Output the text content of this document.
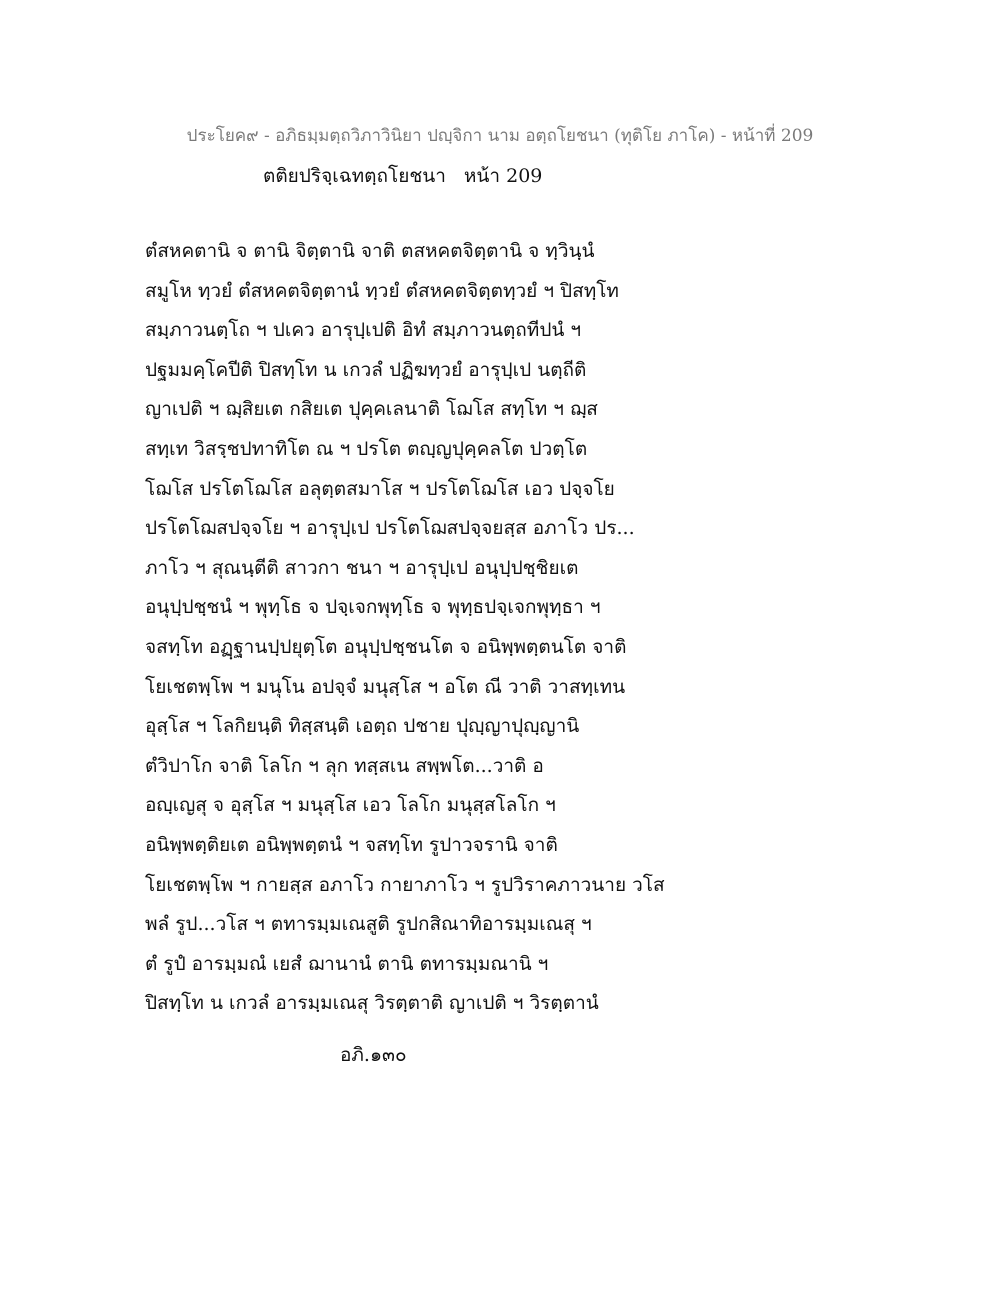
ประโยค๙ - อภิธมฺมตฺถวิภาวินิยา ปญฺจิกา นาม อตฺถโยชนา (ทุติโย ภาโค) - หน้าที่ 209
ตติยปริจฺเฉทตฺถโยชนา หน้า 209
ตํสหคตานิ จ ตานิ จิตฺตานิ จาติ ตสหคตจิตฺตานิ จ ทฺวินฺนํ
สมูโห ทฺวยํ ตํสหคตจิตฺตานํ ทฺวยํ ตํสหคตจิตฺตทฺวยํ ฯ ปิสทฺโท
สมฺภาวนตฺโถ ฯ ปเคว อารุปฺเปติ อิทํ สมฺภาวนตฺถทีปนํ ฯ
ปฐมมคฺโคปีติ ปิสทฺโท น เกวลํ ปฏิฆทฺวยํ อารุปฺเป นตฺถีติ
ญาเปติ ฯ ฌฺสิยเต กสิยเต ปุคฺคเลนาติ โฌโส สทฺโท ฯ ฌฺส
สทฺเท วิสรฺชปทาทิโต ณ ฯ ปรโต ตญฺญปุคฺคลโต ปวตฺโต
โฌโส ปรโตโฌโส อลุตฺตสมาโส ฯ ปรโตโฌโส เอว ปจฺจโย
ปรโตโฌสปจฺจโย ฯ อารุปฺเป ปรโตโฌสปจฺจยสฺส อภาโว ปร...
ภาโว ฯ สุณนฺตีติ สาวกา ชนา ฯ อารุปฺเป อนุปฺปชฺชิยเต
อนุปฺปชฺชนํ ฯ พุทฺโธ จ ปจฺเจกพุทฺโธ จ พุทฺธปจฺเจกพุทฺธา ฯ
จสทฺโท อฏฺฐานปฺปยุตฺโต อนุปฺปชฺชนโต จ อนิพฺพตฺตนโต จาติ
โยเชตพฺโพ ฯ มนุโน อปจฺจํ มนุสฺโส ฯ อโต ณี วาติ วาสทฺเทน
อุสฺโส ฯ โลกิยนฺติ ทิสฺสนฺติ เอตฺถ ปชาย ปุญฺญาปุญฺญานิ
ตํวิปาโก จาติ โลโก ฯ ลุก ทสฺสเน สพฺพโต...วาติ อ
อญฺเญสุ จ อุสฺโส ฯ มนุสฺโส เอว โลโก มนุสฺสโลโก ฯ
อนิพฺพตฺติยเต อนิพฺพตฺตนํ ฯ จสทฺโท รูปาวจรานิ จาติ
โยเชตพฺโพ ฯ กายสฺส อภาโว กายาภาโว ฯ รูปวิราคภาวนาย วโส
พลํ รูป...วโส ฯ ตทารมฺมเณสูติ รูปกสิณาทิอารมฺมเณสุ ฯ
ตํ รูปํ อารมฺมณํ เยสํ ฌานานํ ตานิ ตทารมฺมณานิ ฯ
ปิสทฺโท น เกวลํ อารมฺมเณสุ วิรตฺตาติ ญาเปติ ฯ วิรตฺตานํ
อภิ.๑๓๐
